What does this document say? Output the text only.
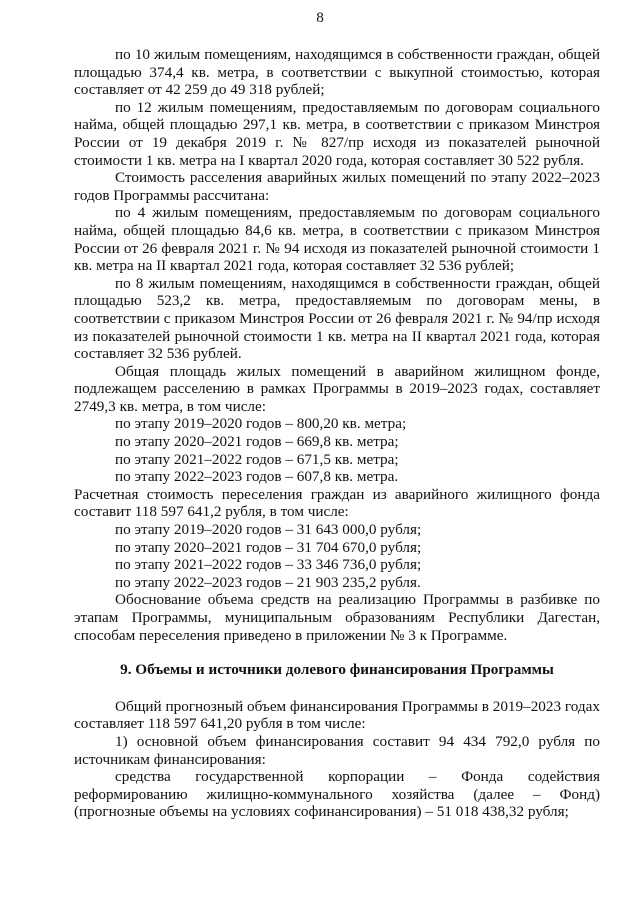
8

по 10 жилым помещениям, находящимся в собственности граждан, общей площадью 374,4 кв. метра, в соответствии с выкупной стоимостью, которая составляет от 42 259 до 49 318 рублей;

по 12 жилым помещениям, предоставляемым по договорам социального найма, общей площадью 297,1 кв. метра, в соответствии с приказом Минстроя России от 19 декабря 2019 г. № 827/пр исходя из показателей рыночной стоимости 1 кв. метра на I квартал 2020 года, которая составляет 30 522 рубля.

Стоимость расселения аварийных жилых помещений по этапу 2022–2023 годов Программы рассчитана:

по 4 жилым помещениям, предоставляемым по договорам социального найма, общей площадью 84,6 кв. метра, в соответствии с приказом Минстроя России от 26 февраля 2021 г. № 94 исходя из показателей рыночной стоимости 1 кв. метра на II квартал 2021 года, которая составляет 32 536 рублей;

по 8 жилым помещениям, находящимся в собственности граждан, общей площадью 523,2 кв. метра, предоставляемым по договорам мены, в соответствии с приказом Минстроя России от 26 февраля 2021 г. № 94/пр исходя из показателей рыночной стоимости 1 кв. метра на II квартал 2021 года, которая составляет 32 536 рублей.

Общая площадь жилых помещений в аварийном жилищном фонде, подлежащем расселению в рамках Программы в 2019–2023 годах, составляет 2749,3 кв. метра, в том числе:

по этапу 2019–2020 годов – 800,20 кв. метра;

по этапу 2020–2021 годов – 669,8 кв. метра;

по этапу 2021–2022 годов – 671,5 кв. метра;

по этапу 2022–2023 годов – 607,8 кв. метра.

Расчетная стоимость переселения граждан из аварийного жилищного фонда составит 118 597 641,2 рубля, в том числе:

по этапу 2019–2020 годов – 31 643 000,0 рубля;

по этапу 2020–2021 годов – 31 704 670,0 рубля;

по этапу 2021–2022 годов – 33 346 736,0 рубля;

по этапу 2022–2023 годов – 21 903 235,2 рубля.

Обоснование объема средств на реализацию Программы в разбивке по этапам Программы, муниципальным образованиям Республики Дагестан, способам переселения приведено в приложении № 3 к Программе.

9. Объемы и источники долевого финансирования Программы

Общий прогнозный объем финансирования Программы в 2019–2023 годах составляет 118 597 641,20 рубля в том числе:

1) основной объем финансирования составит 94 434 792,0 рубля по источникам финансирования:

средства государственной корпорации – Фонда содействия реформированию жилищно-коммунального хозяйства (далее – Фонд) (прогнозные объемы на условиях софинансирования) – 51 018 438,32 рубля;
